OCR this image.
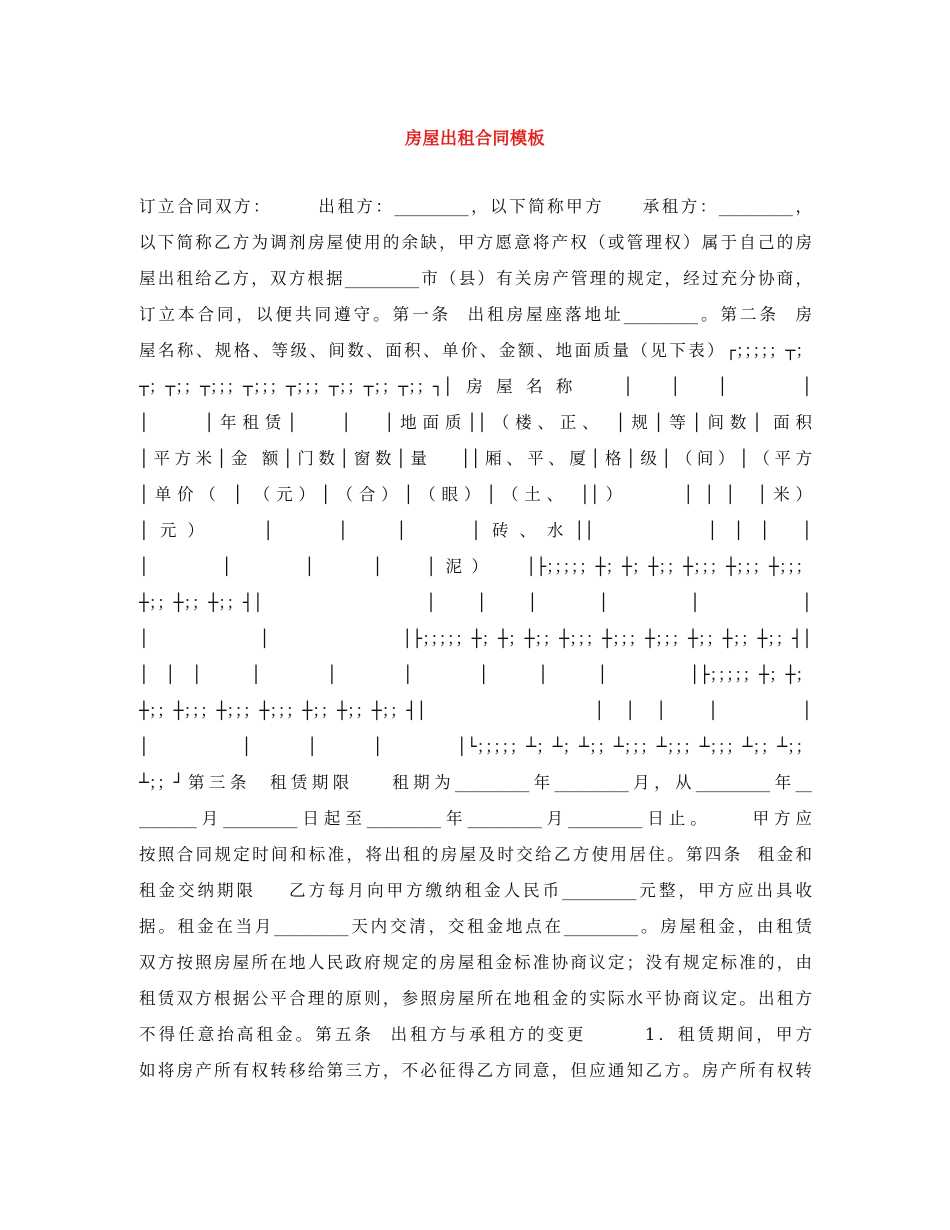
房屋出租合同模板
订立合同双方：      出租方：_________，以下简称甲方     承租方：_________，
以下简称乙方为调剂房屋使用的余缺，甲方愿意将产权（或管理权）属于自己的房
屋出租给乙方，双方根据_________市（县）有关房产管理的规定，经过充分协商，
订立本合同，以便共同遵守。第一条  出租房屋座落地址_________。第二条  房
屋名称、规格、等级、间数、面积、单价、金额、地面质量（见下表）┌；；；；；┬；
┬；┬；；┬；；；┬；；；┬；；；┬；；┬；；┬；；┐│房屋名称  │  │  │    │
│     │年租赁│    │   │地面质││（楼、正、 │规│等│间数│ 面积
│平方米│金 额│门数│窗数│量   ││厢、平、厦│格│级│（间）│（平方
│单价（ │ （元）│（合）│（眼）│（土、 ││）     │ │ │  │米）
│元）   │    │   │    │砖、水││       │ │ │  │
│     │     │    │   │泥）  │├；；；；；┼；┼；┼；；┼；；；┼；；；┼；；；
┼；；┼；；┼；；┤│        │  │  │   │    │     │
│     │      │├；；；；；┼；┼；┼；；┼；；；┼；；；┼；；；┼；；┼；；┼；；┤│
│ │ │   │    │    │    │   │   │     │├；；；；；┼；┼；
┼；；┼；；；┼；；；┼；；；┼；；┼；；┼；；┤│        │ │ │  │    │
│     │   │   │    │└；；；；；┴；┴；┴；；┴；；；┴；；；┴；；；┴；；┴；；
┴；；┘第三条  租赁期限    租期为_________年_________月，从_________年__
_______月_________日起至_________年_________月_________日止。    甲方应
按照合同规定时间和标准，将出租的房屋及时交给乙方使用居住。第四条  租金和
租金交纳期限    乙方每月向甲方缴纳租金人民币_________元整，甲方应出具收
据。租金在当月_________天内交清，交租金地点在_________。房屋租金，由租赁
双方按照房屋所在地人民政府规定的房屋租金标准协商议定；没有规定标准的，由
租赁双方根据公平合理的原则，参照房屋所在地租金的实际水平协商议定。出租方
不得任意抬高租金。第五条  出租方与承租方的变更       1．租赁期间，甲方
如将房产所有权转移给第三方，不必征得乙方同意，但应通知乙方。房产所有权转
